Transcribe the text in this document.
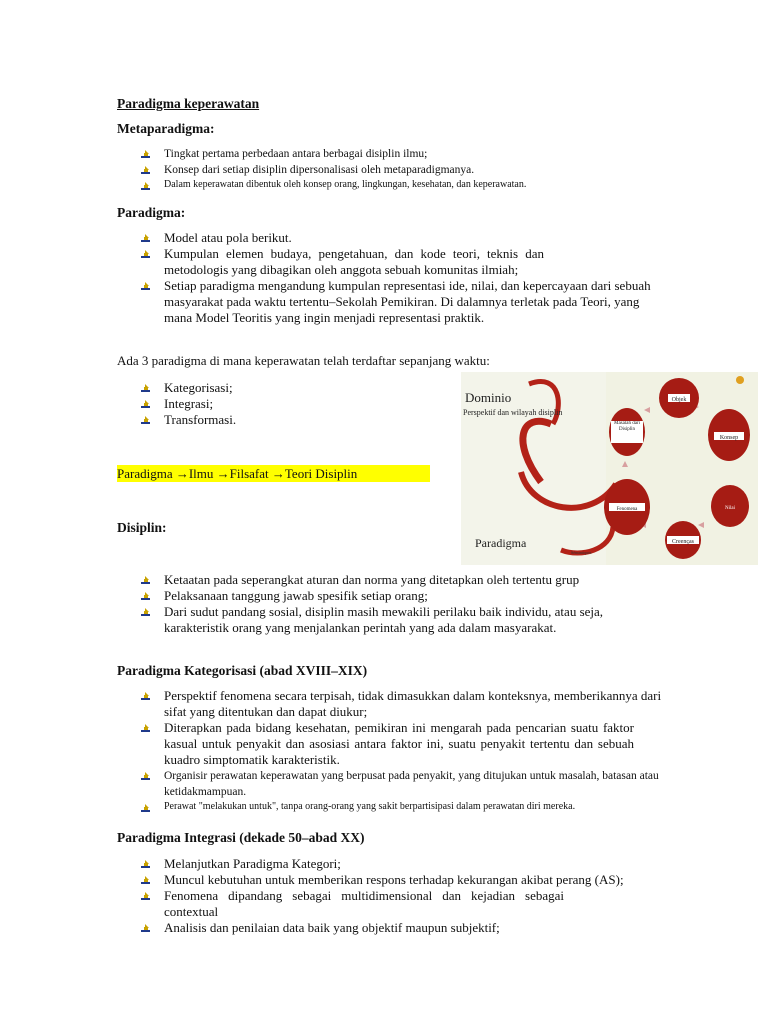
Paradigma keperawatan
Metaparadigma:
Tingkat pertama perbedaan antara berbagai disiplin ilmu;
Konsep dari setiap disiplin dipersonalisasi oleh metaparadigmanya.
Dalam keperawatan dibentuk oleh konsep orang, lingkungan, kesehatan, dan keperawatan.
Paradigma:
Model atau pola berikut.
Kumpulan elemen budaya, pengetahuan, dan kode teori, teknis dan metodologis yang dibagikan oleh anggota sebuah komunitas ilmiah;
Setiap paradigma mengandung kumpulan representasi ide, nilai, dan kepercayaan dari sebuah masyarakat pada waktu tertentu–Sekolah Pemikiran. Di dalamnya terletak pada Teori, yang mana Model Teoritis yang ingin menjadi representasi praktik.
Ada 3 paradigma di mana keperawatan telah terdaftar sepanjang waktu:
Kategorisasi;
Integrasi;
Transformasi.
Paradigma →Ilmu →Filsafat →Teori Disiplin
Dominio
Perspektif dan wilayah disiplin
Paradigma
Sémantiques
Objek
Konsep
Nilai
Creenças
Fenomena
Masalah dari Disiplin
Disiplin:
Ketaatan pada seperangkat aturan dan norma yang ditetapkan oleh tertentu grup
Pelaksanaan tanggung jawab spesifik setiap orang;
Dari sudut pandang sosial, disiplin masih mewakili perilaku baik individu, atau seja, karakteristik orang yang menjalankan perintah yang ada dalam masyarakat.
Paradigma Kategorisasi (abad XVIII–XIX)
Perspektif fenomena secara terpisah, tidak dimasukkan dalam konteksnya, memberikannya dari sifat yang ditentukan dan dapat diukur;
Diterapkan pada bidang kesehatan, pemikiran ini mengarah pada pencarian suatu faktor kasual untuk penyakit dan asosiasi antara faktor ini, suatu penyakit tertentu dan sebuah kuadro simptomatik karakteristik.
Organisir perawatan keperawatan yang berpusat pada penyakit, yang ditujukan untuk masalah, batasan atau ketidakmampuan.
Perawat "melakukan untuk", tanpa orang-orang yang sakit berpartisipasi dalam perawatan diri mereka.
Paradigma Integrasi (dekade 50–abad XX)
Melanjutkan Paradigma Kategori;
Muncul kebutuhan untuk memberikan respons terhadap kekurangan akibat perang (AS);
Fenomena dipandang sebagai multidimensional dan kejadian sebagai contextual
Analisis dan penilaian data baik yang objektif maupun subjektif;
